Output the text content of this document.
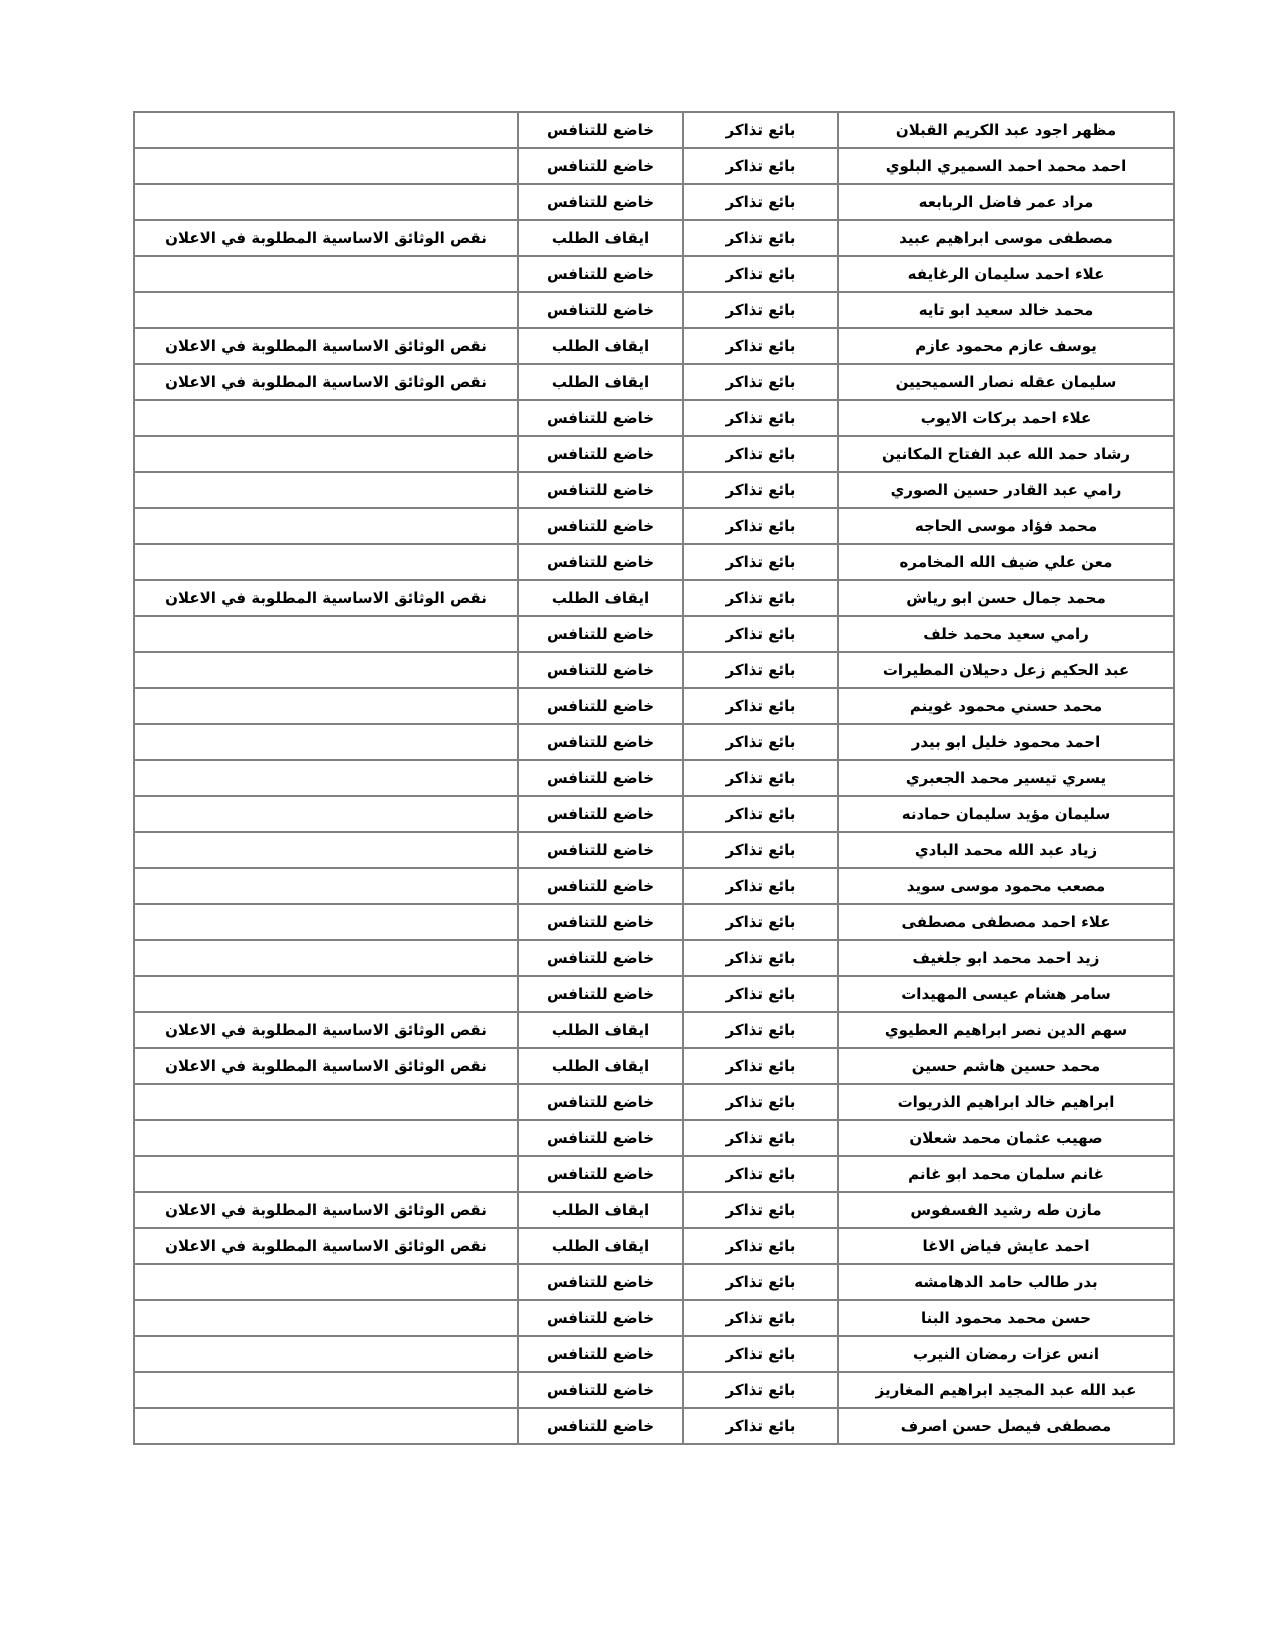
مظهر اجود عبد الكريم القبلان	بائع تذاكر	خاضع للتنافس	
احمد محمد احمد السميري البلوي	بائع تذاكر	خاضع للتنافس	
مراد عمر فاضل الربابعه	بائع تذاكر	خاضع للتنافس	
مصطفى موسى ابراهيم عبيد	بائع تذاكر	ايقاف الطلب	نقص الوثائق الاساسية المطلوبة في الاعلان
علاء احمد سليمان الرغايفه	بائع تذاكر	خاضع للتنافس	
محمد خالد سعيد ابو تايه	بائع تذاكر	خاضع للتنافس	
يوسف عازم محمود عازم	بائع تذاكر	ايقاف الطلب	نقص الوثائق الاساسية المطلوبة في الاعلان
سليمان عقله نصار السميحيين	بائع تذاكر	ايقاف الطلب	نقص الوثائق الاساسية المطلوبة في الاعلان
علاء احمد بركات الايوب	بائع تذاكر	خاضع للتنافس	
رشاد حمد الله عبد الفتاح المكانين	بائع تذاكر	خاضع للتنافس	
رامي عبد القادر حسين الصوري	بائع تذاكر	خاضع للتنافس	
محمد فؤاد موسى الحاجه	بائع تذاكر	خاضع للتنافس	
معن علي ضيف الله المخامره	بائع تذاكر	خاضع للتنافس	
محمد جمال حسن ابو رياش	بائع تذاكر	ايقاف الطلب	نقص الوثائق الاساسية المطلوبة في الاعلان
رامي سعيد محمد خلف	بائع تذاكر	خاضع للتنافس	
عبد الحكيم زعل دحيلان المطيرات	بائع تذاكر	خاضع للتنافس	
محمد حسني محمود غوينم	بائع تذاكر	خاضع للتنافس	
احمد محمود خليل ابو بيدر	بائع تذاكر	خاضع للتنافس	
يسري تيسير محمد الجعبري	بائع تذاكر	خاضع للتنافس	
سليمان مؤيد سليمان حمادنه	بائع تذاكر	خاضع للتنافس	
زياد عبد الله محمد البادي	بائع تذاكر	خاضع للتنافس	
مصعب محمود موسى سويد	بائع تذاكر	خاضع للتنافس	
علاء احمد مصطفى مصطفى	بائع تذاكر	خاضع للتنافس	
زيد احمد محمد ابو جلغيف	بائع تذاكر	خاضع للتنافس	
سامر هشام عيسى المهيدات	بائع تذاكر	خاضع للتنافس	
سهم الدين نصر ابراهيم العطيوي	بائع تذاكر	ايقاف الطلب	نقص الوثائق الاساسية المطلوبة في الاعلان
محمد حسين هاشم حسين	بائع تذاكر	ايقاف الطلب	نقص الوثائق الاساسية المطلوبة في الاعلان
ابراهيم خالد ابراهيم الذريوات	بائع تذاكر	خاضع للتنافس	
صهيب عثمان محمد شعلان	بائع تذاكر	خاضع للتنافس	
غانم سلمان محمد ابو غانم	بائع تذاكر	خاضع للتنافس	
مازن طه رشيد الفسفوس	بائع تذاكر	ايقاف الطلب	نقص الوثائق الاساسية المطلوبة في الاعلان
احمد عايش فياض الاغا	بائع تذاكر	ايقاف الطلب	نقص الوثائق الاساسية المطلوبة في الاعلان
بدر طالب حامد الدهامشه	بائع تذاكر	خاضع للتنافس	
حسن محمد محمود البنا	بائع تذاكر	خاضع للتنافس	
انس عزات رمضان النيرب	بائع تذاكر	خاضع للتنافس	
عبد الله عبد المجيد ابراهيم المغاريز	بائع تذاكر	خاضع للتنافس	
مصطفى فيصل حسن اصرف	بائع تذاكر	خاضع للتنافس	
